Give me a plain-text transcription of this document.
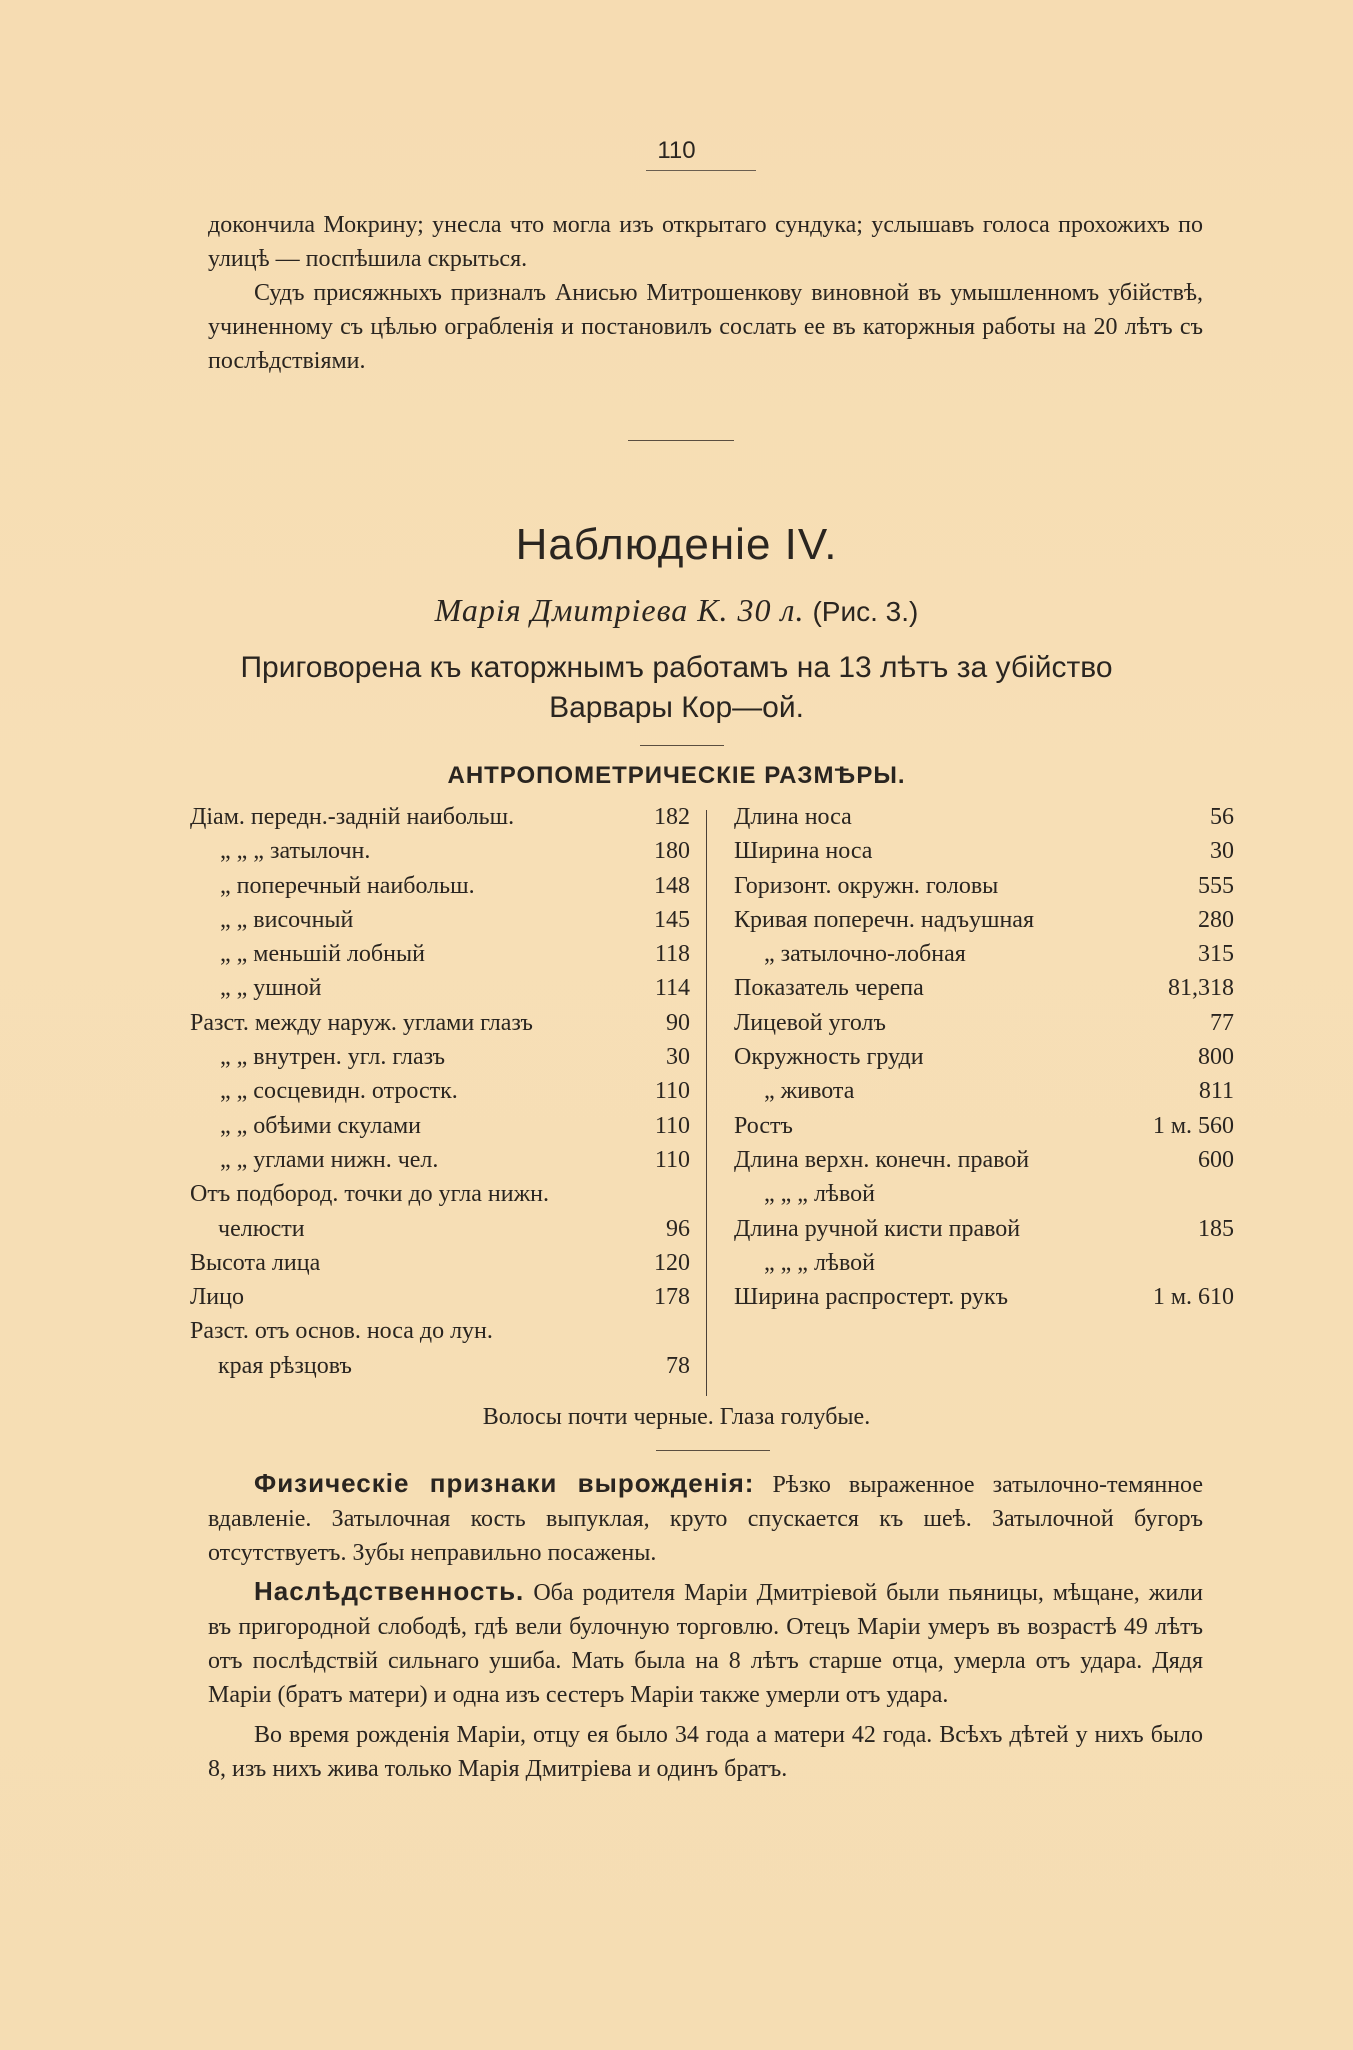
110

докончила Мокрину; унесла что могла изъ открытаго сундука; услышавъ голоса прохожихъ по улицѣ — поспѣшила скрыться.

Судъ присяжныхъ призналъ Анисью Митрошенкову виновной въ умышленномъ убійствѣ, учиненному съ цѣлью ограбленія и постановилъ сослать ее въ каторжныя работы на 20 лѣтъ съ послѣдствіями.

Наблюденіе IV.
Марія Дмитріева К. 30 л. (Рис. 3.)
Приговорена къ каторжнымъ работамъ на 13 лѣтъ за убійство
Варвары Кор—ой.
АНТРОПОМЕТРИЧЕСКІЕ РАЗМѢРЫ.
Діам. передн.-задній наибольш.	182
„ „ „ затылочн.	180
„ поперечный наибольш.	148
„ „ височный	145
„ „ меньшій лобный	118
„ „ ушной	114
Разст. между наруж. углами глазъ	90
„ „ внутрен. угл. глазъ	30
„ „ сосцевидн. отростк.	110
„ „ обѣими скулами	110
„ „ углами нижн. чел.	110
Отъ подбород. точки до угла нижн.
челюсти	96
Высота лица	120
Лицо	178
Разст. отъ основ. носа до лун.
края рѣзцовъ	78
Длина носа	56
Ширина носа	30
Горизонт. окружн. головы	555
Кривая поперечн. надъушная	280
„ затылочно-лобная	315
Показатель черепа	81,318
Лицевой уголъ	77
Окружность груди	800
„ живота	811
Ростъ	1 м. 560
Длина верхн. конечн. правой	600
„ „ „ лѣвой
Длина ручной кисти правой	185
„ „ „ лѣвой
Ширина распростерт. рукъ	1 м. 610
Волосы почти черные. Глаза голубые.

Физическіе признаки вырожденія: Рѣзко выраженное затылочно-темянное вдавленіе. Затылочная кость выпуклая, круто спускается къ шеѣ. Затылочной бугоръ отсутствуетъ. Зубы неправильно посажены.

Наслѣдственность. Оба родителя Маріи Дмитріевой были пьяницы, мѣщане, жили въ пригородной слободѣ, гдѣ вели булочную торговлю. Отецъ Маріи умеръ въ возрастѣ 49 лѣтъ отъ послѣдствій сильнаго ушиба. Мать была на 8 лѣтъ старше отца, умерла отъ удара. Дядя Маріи (братъ матери) и одна изъ сестеръ Маріи также умерли отъ удара.

Во время рожденія Маріи, отцу ея было 34 года а матери 42 года. Всѣхъ дѣтей у нихъ было 8, изъ нихъ жива только Марія Дмитріева и одинъ братъ.
